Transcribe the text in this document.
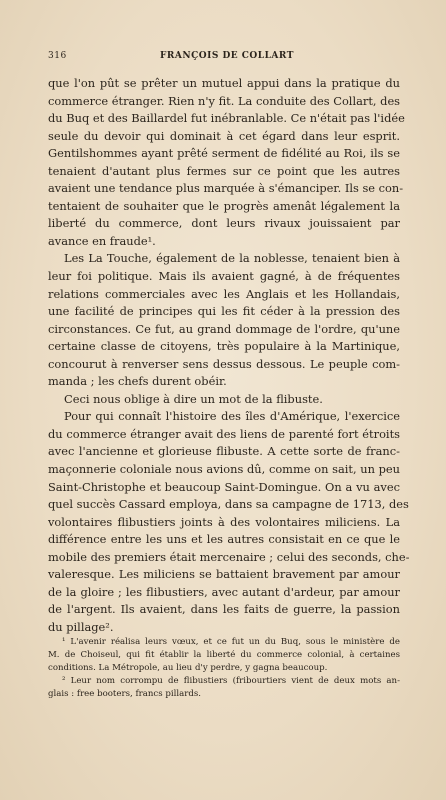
316	FRANÇOIS DE COLLART
que l'on pût se prêter un mutuel appui dans la pratique du
commerce étranger. Rien n'y fit. La conduite des Collart, des
du Buq et des Baillardel fut inébranlable. Ce n'était pas l'idée
seule du devoir qui dominait à cet égard dans leur esprit.
Gentilshommes ayant prêté serment de fidélité au Roi, ils se
tenaient d'autant plus fermes sur ce point que les autres
avaient une tendance plus marquée à s'émanciper. Ils se con-
tentaient de souhaiter que le progrès amenât légalement la
liberté du commerce, dont leurs rivaux jouissaient par
avance en fraude¹.
Les La Touche, également de la noblesse, tenaient bien à
leur foi politique. Mais ils avaient gagné, à de fréquentes
relations commerciales avec les Anglais et les Hollandais,
une facilité de principes qui les fit céder à la pression des
circonstances. Ce fut, au grand dommage de l'ordre, qu'une
certaine classe de citoyens, très populaire à la Martinique,
concourut à renverser sens dessus dessous. Le peuple com-
manda ; les chefs durent obéir.
Ceci nous oblige à dire un mot de la flibuste.
Pour qui connaît l'histoire des îles d'Amérique, l'exercice
du commerce étranger avait des liens de parenté fort étroits
avec l'ancienne et glorieuse flibuste. A cette sorte de franc-
maçonnerie coloniale nous avions dû, comme on sait, un peu
Saint-Christophe et beaucoup Saint-Domingue. On a vu avec
quel succès Cassard employa, dans sa campagne de 1713, des
volontaires flibustiers joints à des volontaires miliciens. La
différence entre les uns et les autres consistait en ce que le
mobile des premiers était mercenaire ; celui des seconds, che-
valeresque. Les miliciens se battaient bravement par amour
de la gloire ; les flibustiers, avec autant d'ardeur, par amour
de l'argent. Ils avaient, dans les faits de guerre, la passion
du pillage².
¹ L'avenir réalisa leurs vœux, et ce fut un du Buq, sous le ministère de
M. de Choiseul, qui fit établir la liberté du commerce colonial, à certaines
conditions. La Métropole, au lieu d'y perdre, y gagna beaucoup.
² Leur nom corrompu de flibustiers (fribourtiers vient de deux mots an-
glais : free booters, francs pillards.
